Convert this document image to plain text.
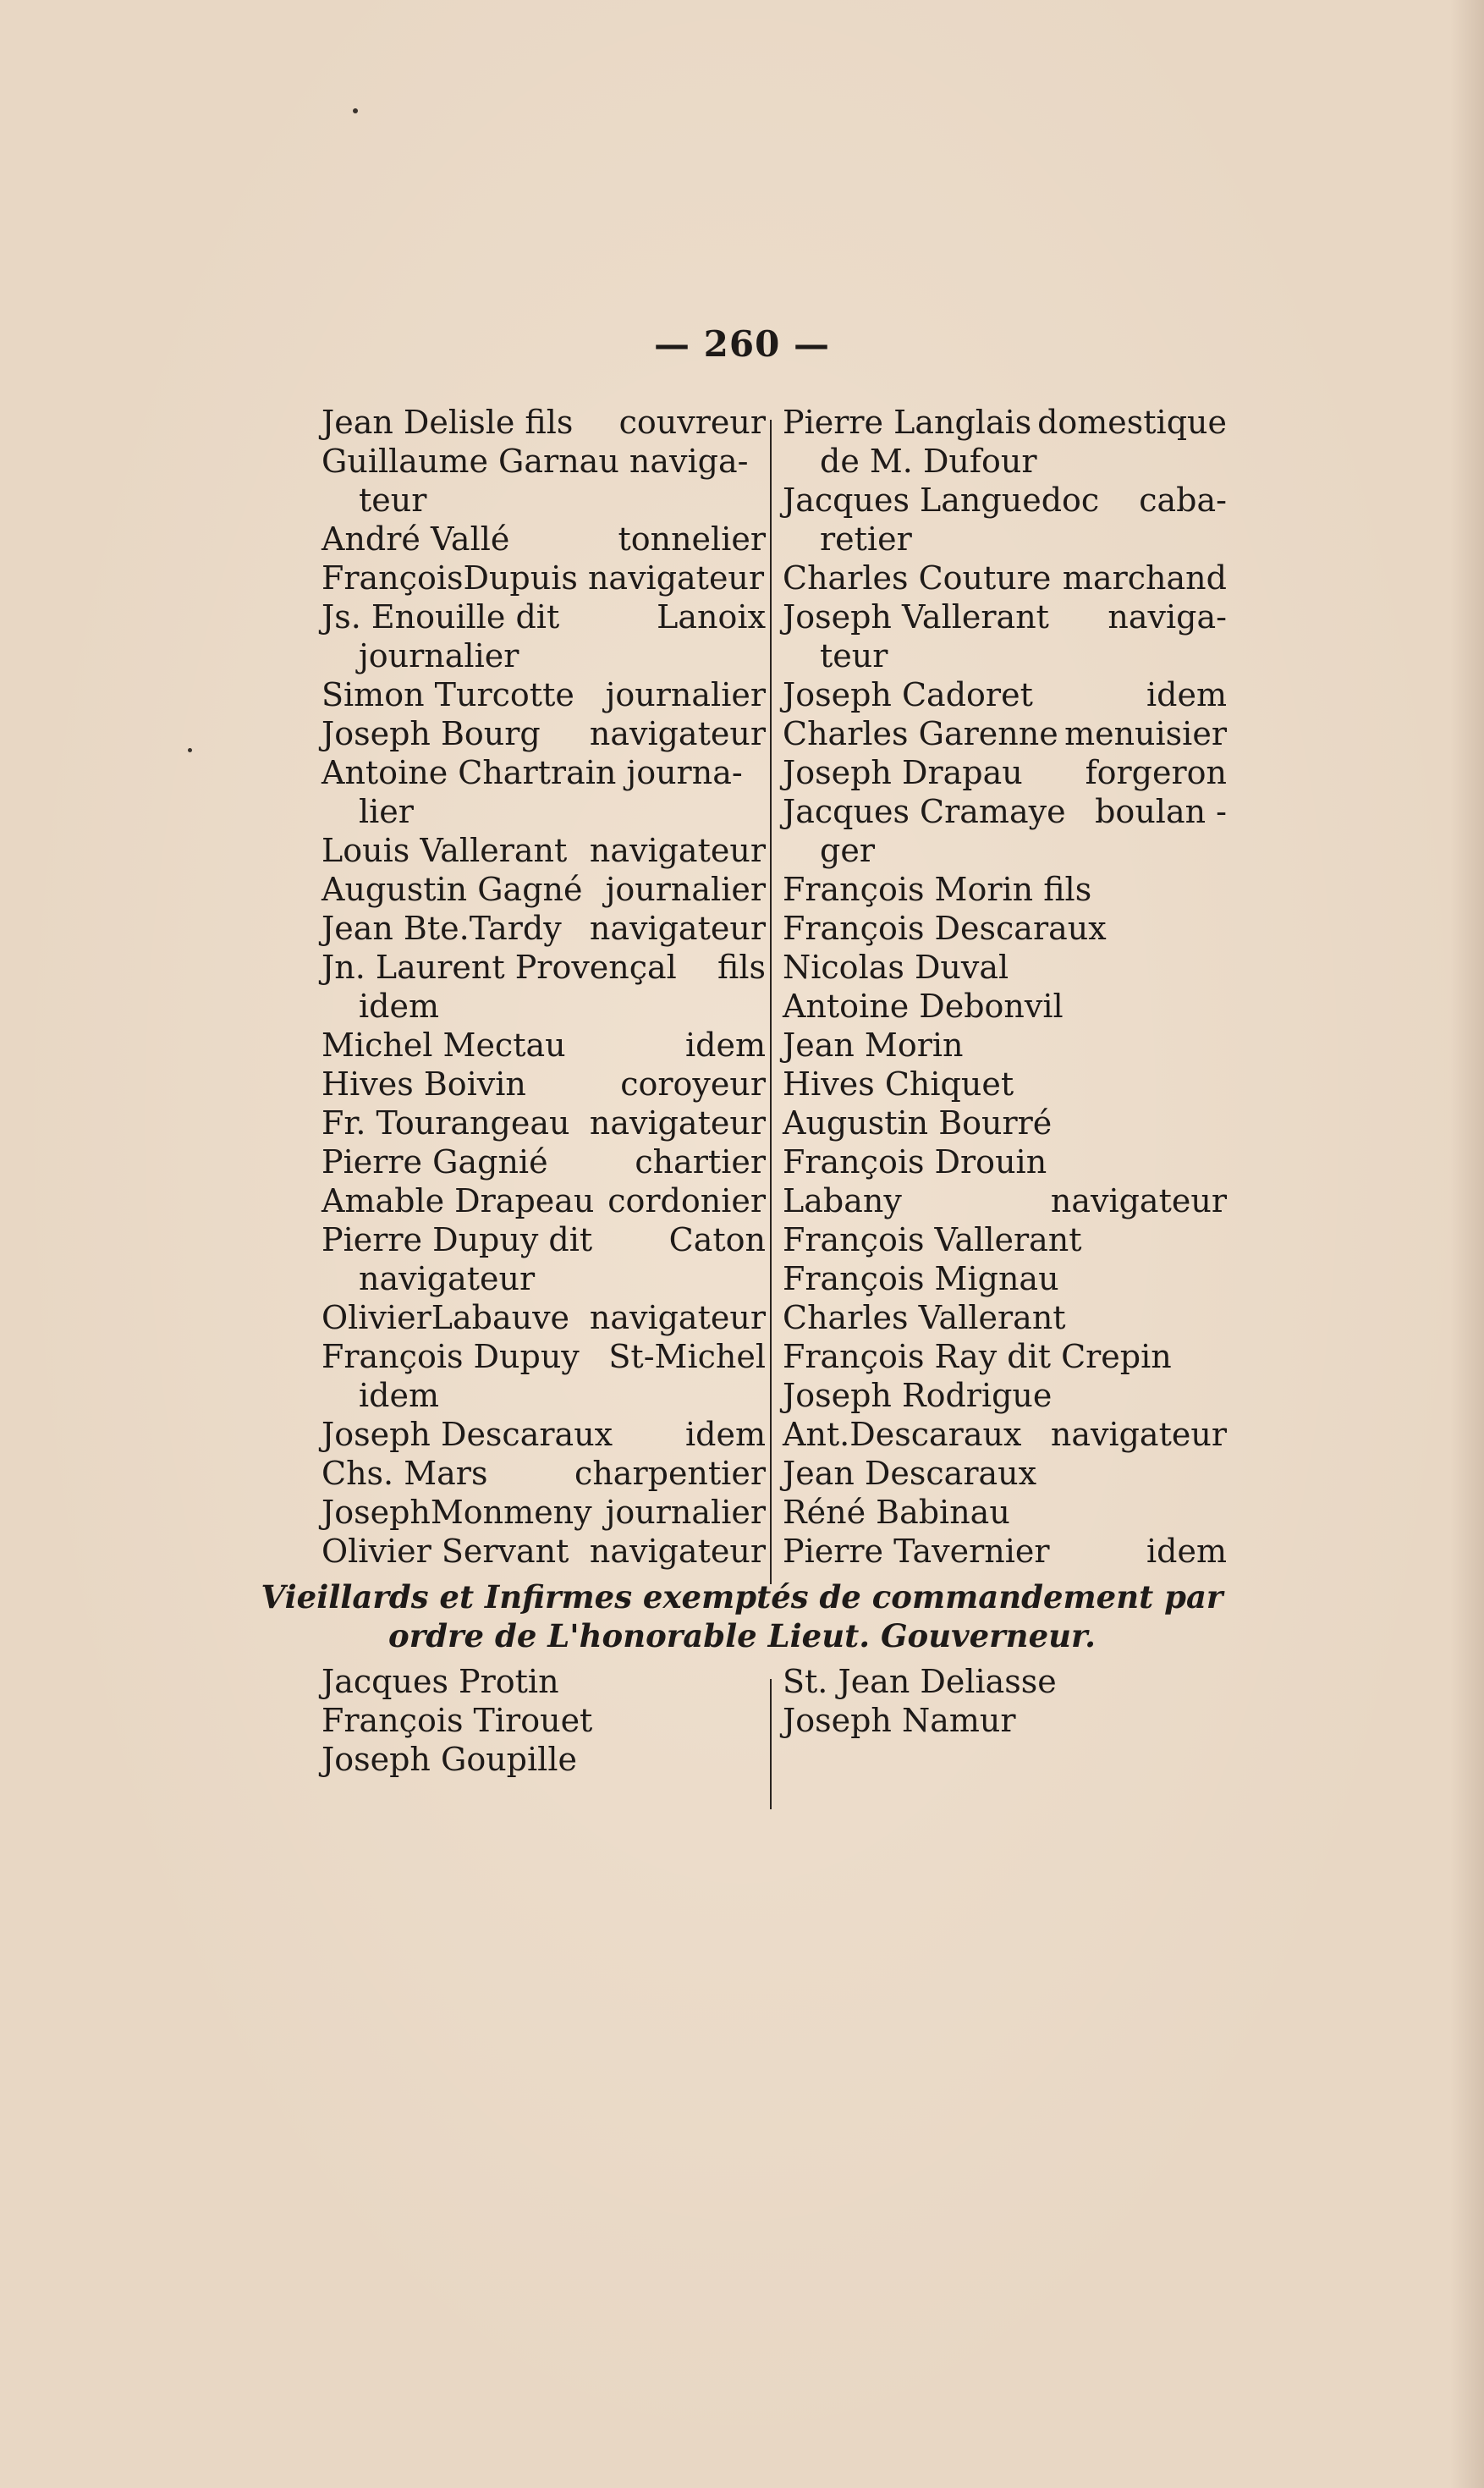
— 260 —
Jean Delisle fils couvreur
Guillaume Garnau naviga-
teur
André Vallé	tonnelier
FrançoisDupuis navigateur
Js. Enouille dit	Lanoix
journalier
Simon Turcotte journalier
Joseph Bourg navigateur
Antoine Chartrain journa-
lier
Louis Vallerant navigateur
Augustin Gagné journalier
Jean Bte.Tardy navigateur
Jn. Laurent Provençal fils
idem
Michel Mectau	idem
Hives Boivin	coroyeur
Fr. Tourangeau navigateur
Pierre Gagnié	chartier
Amable Drapeau cordonier
Pierre Dupuy dit Caton
navigateur
OlivierLabauve navigateur
François Dupuy St-Michel
idem
Joseph Descaraux idem
Chs. Mars	charpentier
JosephMonmeny journalier
Olivier Servant navigateur
Pierre Langlais domestique
de M. Dufour
Jacques Languedoc caba-
retier
Charles Couture marchand
Joseph Vallerant naviga-
teur
Joseph Cadoret	idem
Charles Garenne menuisier
Joseph Drapau forgeron
Jacques Cramaye boulan -
ger
François Morin fils
François Descaraux
Nicolas Duval
Antoine Debonvil
Jean Morin
Hives Chiquet
Augustin Bourré
François Drouin
Labany	navigateur
François Vallerant
François Mignau
Charles Vallerant
François Ray dit Crepin
Joseph Rodrigue
Ant.Descaraux navigateur
Jean Descaraux
Réné Babinau
Pierre Tavernier	idem
Vieillards et Infirmes exemptés de commandement par
ordre de L'honorable Lieut. Gouverneur.
Jacques Protin
François Tirouet
Joseph Goupille
St. Jean Deliasse
Joseph Namur
